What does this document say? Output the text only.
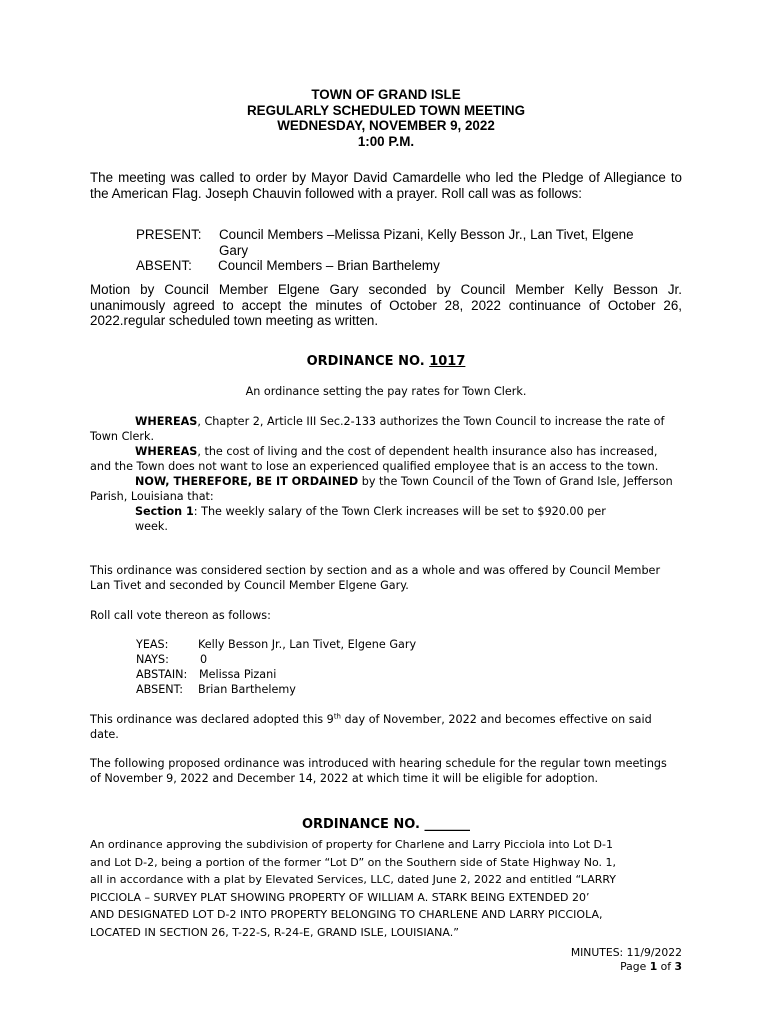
TOWN OF GRAND ISLE
REGULARLY SCHEDULED TOWN MEETING
WEDNESDAY, NOVEMBER 9, 2022
1:00 P.M.

The meeting was called to order by Mayor David Camardelle who led the Pledge of Allegiance to the American Flag. Joseph Chauvin followed with a prayer. Roll call was as follows:

PRESENT:	Council Members –Melissa Pizani, Kelly Besson Jr., Lan Tivet, Elgene
Gary
ABSENT:	Council Members – Brian Barthelemy

Motion by Council Member Elgene Gary seconded by Council Member Kelly Besson Jr. unanimously agreed to accept the minutes of October 28, 2022 continuance of October 26, 2022.regular scheduled town meeting as written.

ORDINANCE NO. 1017
An ordinance setting the pay rates for Town Clerk.

WHEREAS, Chapter 2, Article III Sec.2-133 authorizes the Town Council to increase the rate of Town Clerk.

WHEREAS, the cost of living and the cost of dependent health insurance also has increased, and the Town does not want to lose an experienced qualified employee that is an access to the town.

NOW, THEREFORE, BE IT ORDAINED by the Town Council of the Town of Grand Isle, Jefferson Parish, Louisiana that:

Section 1: The weekly salary of the Town Clerk increases will be set to $920.00 per week.

This ordinance was considered section by section and as a whole and was offered by Council Member Lan Tivet and seconded by Council Member Elgene Gary.

Roll call vote thereon as follows:

YEAS:	Kelly Besson Jr., Lan Tivet, Elgene Gary
NAYS:	0
ABSTAIN:	Melissa Pizani
ABSENT:	Brian Barthelemy

This ordinance was declared adopted this 9th day of November, 2022 and becomes effective on said date.

The following proposed ordinance was introduced with hearing schedule for the regular town meetings of November 9, 2022 and December 14, 2022 at which time it will be eligible for adoption.

ORDINANCE NO. _______
An ordinance approving the subdivision of property for Charlene and Larry Picciola into Lot D-1
and Lot D-2, being a portion of the former “Lot D” on the Southern side of State Highway No. 1,
all in accordance with a plat by Elevated Services, LLC, dated June 2, 2022 and entitled “LARRY
PICCIOLA – SURVEY PLAT SHOWING PROPERTY OF WILLIAM A. STARK BEING EXTENDED 20’
AND DESIGNATED LOT D-2 INTO PROPERTY BELONGING TO CHARLENE AND LARRY PICCIOLA,
LOCATED IN SECTION 26, T-22-S, R-24-E, GRAND ISLE, LOUISIANA.”
MINUTES: 11/9/2022
Page 1 of 3
